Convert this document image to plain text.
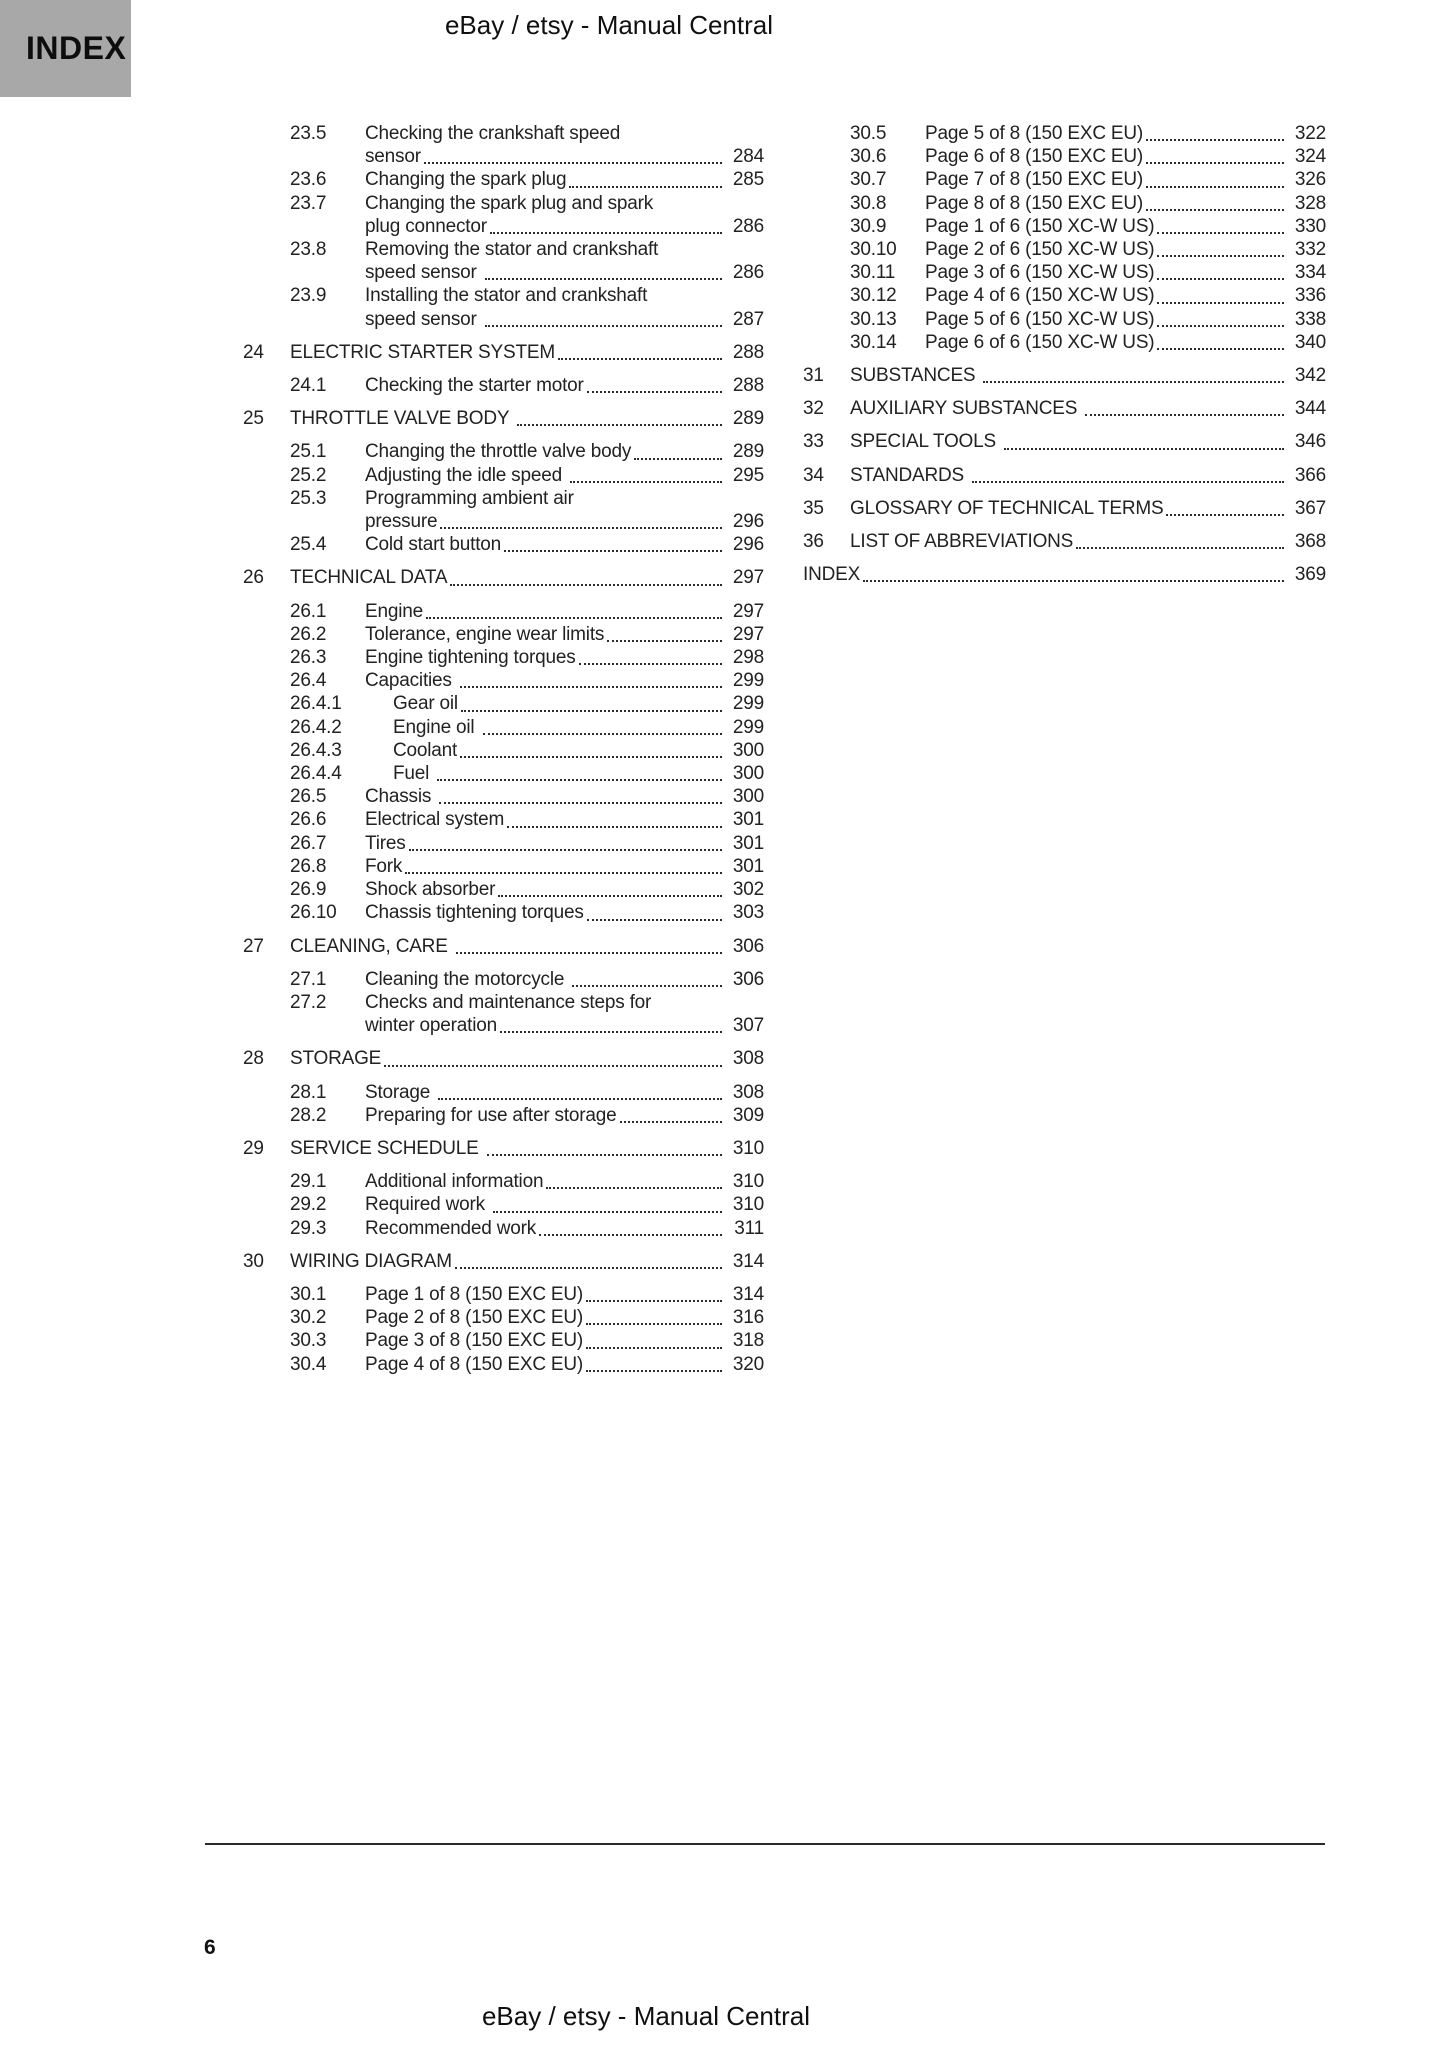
INDEX
eBay / etsy - Manual Central
23.5	Checking the crankshaft speed
sensor	284
23.6	Changing the spark plug	285
23.7	Changing the spark plug and spark
plug connector	286
23.8	Removing the stator and crankshaft
speed sensor	286
23.9	Installing the stator and crankshaft
speed sensor	287
24	ELECTRIC STARTER SYSTEM	288
24.1	Checking the starter motor	288
25	THROTTLE VALVE BODY	289
25.1	Changing the throttle valve body	289
25.2	Adjusting the idle speed	295
25.3	Programming ambient air
pressure	296
25.4	Cold start button	296
26	TECHNICAL DATA	297
26.1	Engine	297
26.2	Tolerance, engine wear limits	297
26.3	Engine tightening torques	298
26.4	Capacities	299
26.4.1	Gear oil	299
26.4.2	Engine oil	299
26.4.3	Coolant	300
26.4.4	Fuel	300
26.5	Chassis	300
26.6	Electrical system	301
26.7	Tires	301
26.8	Fork	301
26.9	Shock absorber	302
26.10	Chassis tightening torques	303
27	CLEANING, CARE	306
27.1	Cleaning the motorcycle	306
27.2	Checks and maintenance steps for
winter operation	307
28	STORAGE	308
28.1	Storage	308
28.2	Preparing for use after storage	309
29	SERVICE SCHEDULE	310
29.1	Additional information	310
29.2	Required work	310
29.3	Recommended work	311
30	WIRING DIAGRAM	314
30.1	Page 1 of 8 (150 EXC EU)	314
30.2	Page 2 of 8 (150 EXC EU)	316
30.3	Page 3 of 8 (150 EXC EU)	318
30.4	Page 4 of 8 (150 EXC EU)	320
30.5	Page 5 of 8 (150 EXC EU)	322
30.6	Page 6 of 8 (150 EXC EU)	324
30.7	Page 7 of 8 (150 EXC EU)	326
30.8	Page 8 of 8 (150 EXC EU)	328
30.9	Page 1 of 6 (150 XC-W US)	330
30.10	Page 2 of 6 (150 XC-W US)	332
30.11	Page 3 of 6 (150 XC-W US)	334
30.12	Page 4 of 6 (150 XC-W US)	336
30.13	Page 5 of 6 (150 XC-W US)	338
30.14	Page 6 of 6 (150 XC-W US)	340
31	SUBSTANCES	342
32	AUXILIARY SUBSTANCES	344
33	SPECIAL TOOLS	346
34	STANDARDS	366
35	GLOSSARY OF TECHNICAL TERMS	367
36	LIST OF ABBREVIATIONS	368
INDEX	369
6
eBay / etsy - Manual Central
